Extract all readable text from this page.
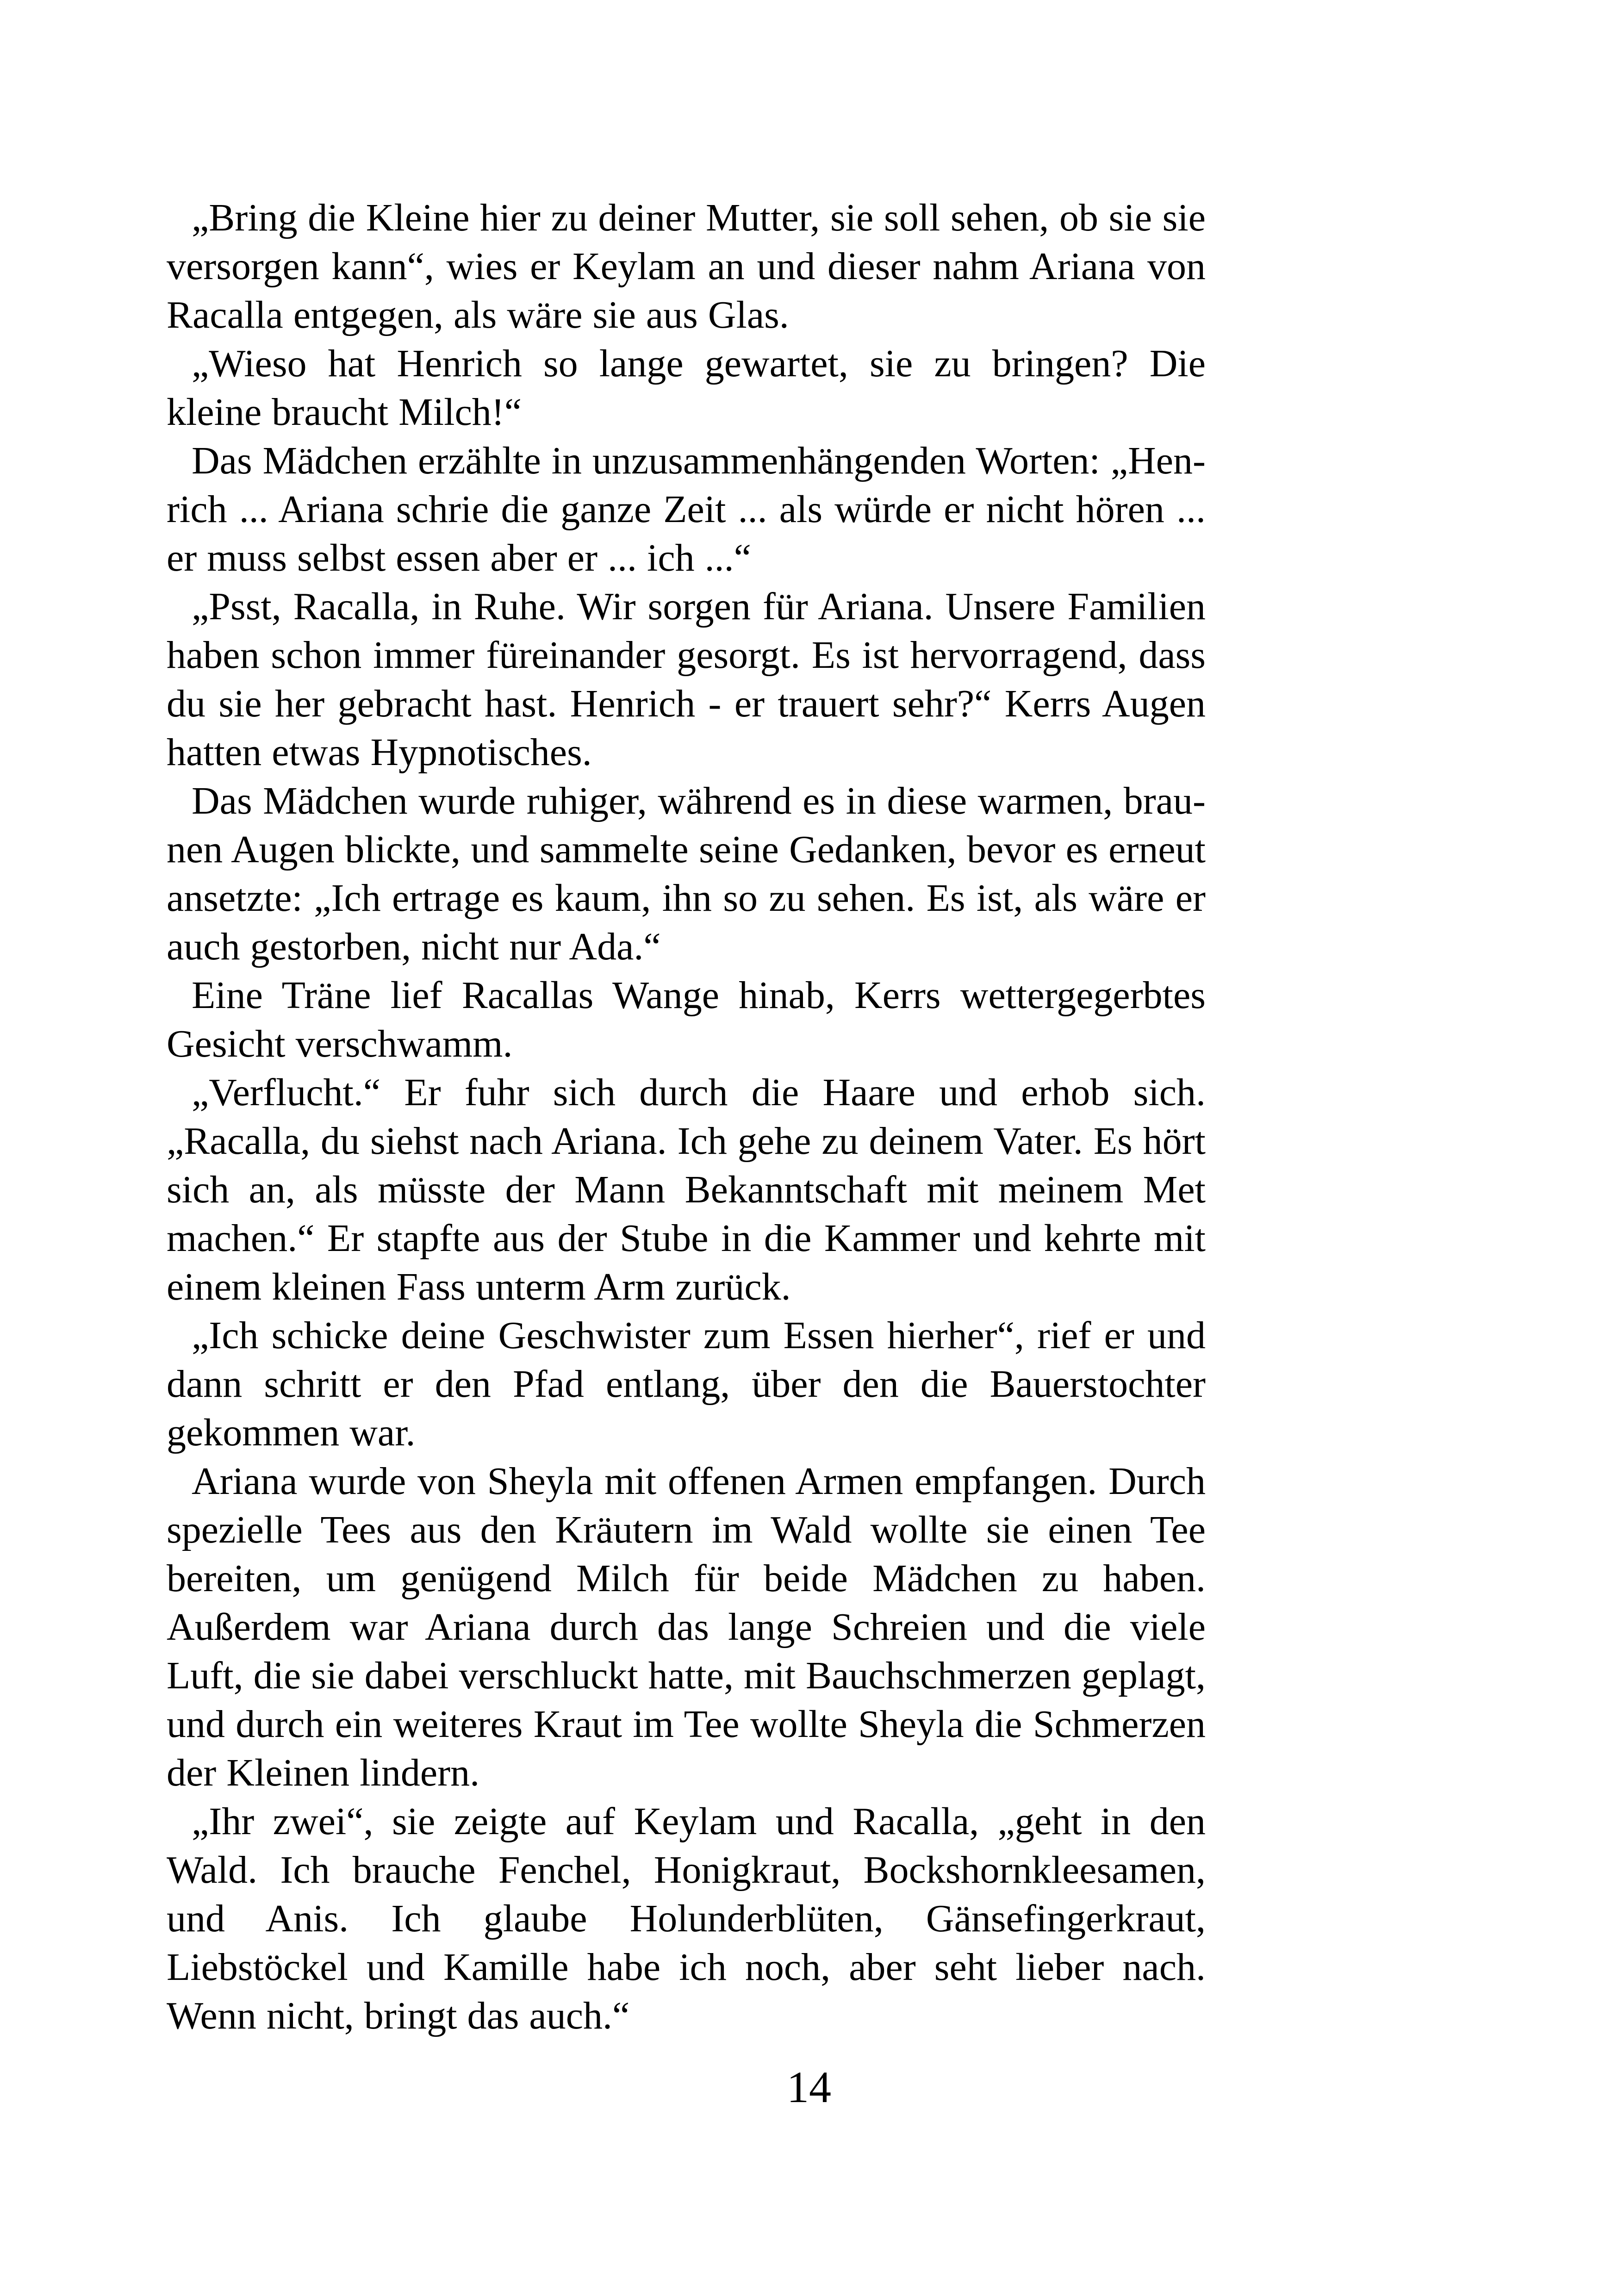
„Bring die Kleine hier zu deiner Mutter, sie soll sehen, ob sie sie versorgen kann“, wies er Keylam an und dieser nahm Ariana von Racalla entgegen, als wäre sie aus Glas.

„Wieso hat Henrich so lange gewartet, sie zu bringen? Die kleine braucht Milch!“

Das Mädchen erzählte in unzusammenhängenden Worten: „Henrich ... Ariana schrie die ganze Zeit ... als würde er nicht hören ... er muss selbst essen aber er ... ich ...“

„Psst, Racalla, in Ruhe. Wir sorgen für Ariana. Unsere Familien haben schon immer füreinander gesorgt. Es ist hervorragend, dass du sie her gebracht hast. Henrich - er trauert sehr?“ Kerrs Augen hatten etwas Hypnotisches.

Das Mädchen wurde ruhiger, während es in diese warmen, braunen Augen blickte, und sammelte seine Gedanken, bevor es erneut ansetzte: „Ich ertrage es kaum, ihn so zu sehen. Es ist, als wäre er auch gestorben, nicht nur Ada.“

Eine Träne lief Racallas Wange hinab, Kerrs wettergegerbtes Gesicht verschwamm.

„Verflucht.“ Er fuhr sich durch die Haare und erhob sich. „Racalla, du siehst nach Ariana. Ich gehe zu deinem Vater. Es hört sich an, als müsste der Mann Bekanntschaft mit meinem Met machen.“ Er stapfte aus der Stube in die Kammer und kehrte mit einem kleinen Fass unterm Arm zurück.

„Ich schicke deine Geschwister zum Essen hierher“, rief er und dann schritt er den Pfad entlang, über den die Bauerstochter gekommen war.

Ariana wurde von Sheyla mit offenen Armen empfangen. Durch spezielle Tees aus den Kräutern im Wald wollte sie einen Tee bereiten, um genügend Milch für beide Mädchen zu haben. Außerdem war Ariana durch das lange Schreien und die viele Luft, die sie dabei verschluckt hatte, mit Bauchschmerzen geplagt, und durch ein weiteres Kraut im Tee wollte Sheyla die Schmerzen der Kleinen lindern.

„Ihr zwei“, sie zeigte auf Keylam und Racalla, „geht in den Wald. Ich brauche Fenchel, Honigkraut, Bockshornkleesamen, und Anis. Ich glaube Holunderblüten, Gänsefingerkraut, Liebstöckel und Kamille habe ich noch, aber seht lieber nach. Wenn nicht, bringt das auch.“

14
